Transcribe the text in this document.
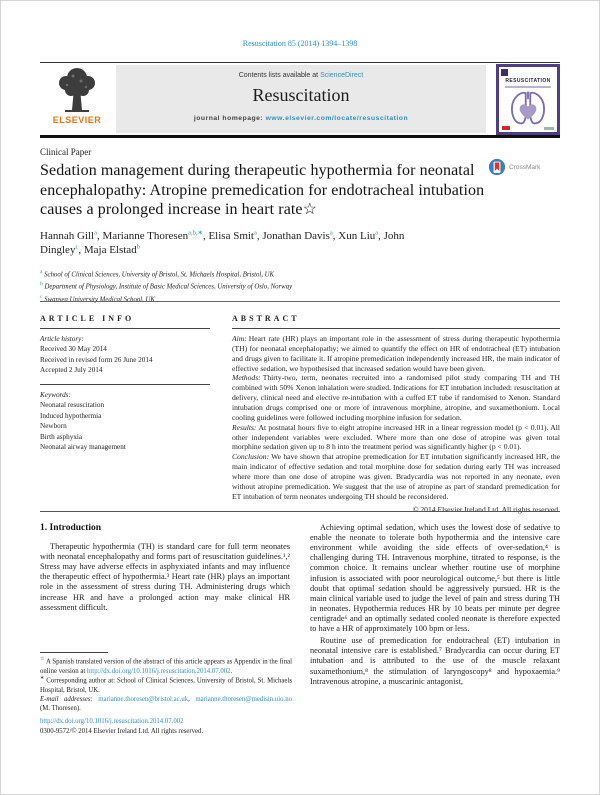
Resuscitation 85 (2014) 1394–1398
ELSEVIER
Contents lists available at ScienceDirect
Resuscitation
journal homepage: www.elsevier.com/locate/resuscitation
RESUSCITATION
Clinical Paper
Sedation management during therapeutic hypothermia for neonatal encephalopathy: Atropine premedication for endotracheal intubation causes a prolonged increase in heart rate☆
CrossMark
Hannah Gill$^a$, Marianne Thoresen$^{a,b,∗}$, Elisa Smit$^a$, Jonathan Davis$^a$, Xun Liu$^a$, John Dingley$^c$, Maja Elstad$^b$
$^a$ School of Clinical Sciences, University of Bristol, St. Michaels Hospital, Bristol, UK
$^b$ Department of Physiology, Institute of Basic Medical Sciences, University of Oslo, Norway
$^c$ Swansea University Medical School, UK
ARTICLE INFO
Article history:
Received 30 May 2014
Received in revised form 26 June 2014
Accepted 2 July 2014
Keywords:
Neonatal resuscitation
Induced hypothermia
Newborn
Birth asphyxia
Neonatal airway management
ABSTRACT

Aim: Heart rate (HR) plays an important role in the assessment of stress during therapeutic hypothermia (TH) for neonatal encephalopathy; we aimed to quantify the effect on HR of endotracheal (ET) intubation and drugs given to facilitate it. If atropine premedication independently increased HR, the main indicator of effective sedation, we hypothesised that increased sedation would have been given.

Methods: Thirty-two, term, neonates recruited into a randomised pilot study comparing TH and TH combined with 50% Xenon inhalation were studied. Indications for ET intubation included: resuscitation at delivery, clinical need and elective re-intubation with a cuffed ET tube if randomised to Xenon. Standard intubation drugs comprised one or more of intravenous morphine, atropine, and suxamethonium. Local cooling guidelines were followed including morphine infusion for sedation.

Results: At postnatal hours five to eight atropine increased HR in a linear regression model (p < 0.01). All other independent variables were excluded. Where more than one dose of atropine was given total morphine sedation given up to 8 h into the treatment period was significantly higher (p < 0.01).

Conclusion: We have shown that atropine premedication for ET intubation significantly increased HR, the main indicator of effective sedation and total morphine dose for sedation during early TH was increased where more than one dose of atropine was given. Bradycardia was not reported in any neonate, even without atropine premedication. We suggest that the use of atropine as part of standard premedication for ET intubation of term neonates undergoing TH should be reconsidered.

© 2014 Elsevier Ireland Ltd. All rights reserved.
1. Introduction

Therapeutic hypothermia (TH) is standard care for full term neonates with neonatal encephalopathy and forms part of resuscitation guidelines.¹,² Stress may have adverse effects in asphyxiated infants and may influence the therapeutic effect of hypothermia.³ Heart rate (HR) plays an important role in the assessment of stress during TH. Administering drugs which increase HR and have a prolonged action may make clinical HR assessment difficult.

Achieving optimal sedation, which uses the lowest dose of sedative to enable the neonate to tolerate both hypothermia and the intensive care environment while avoiding the side effects of over-sedation,⁴ is challenging during TH. Intravenous morphine, titrated to response, is the common choice. It remains unclear whether routine use of morphine infusion is associated with poor neurological outcome,⁵ but there is little doubt that optimal sedation should be aggressively pursued. HR is the main clinical variable used to judge the level of pain and stress during TH in neonates. Hypothermia reduces HR by 10 beats per minute per degree centigrade⁶ and an optimally sedated cooled neonate is therefore expected to have a HR of approximately 100 bpm or less.

Routine use of premedication for endotracheal (ET) intubation in neonatal intensive care is established.⁷ Bradycardia can occur during ET intubation and is attributed to the use of the muscle relaxant suxamethonium,⁸ the stimulation of laryngoscopy⁸ and hypoxaemia.⁹ Intravenous atropine, a muscarinic antagonist,

☆ A Spanish translated version of the abstract of this article appears as Appendix in the final online version at http://dx.doi.org/10.1016/j.resuscitation.2014.07.002.
∗ Corresponding author at: School of Clinical Sciences, University of Bristol, St. Michaels Hospital, Bristol, UK.
E-mail addresses: marianne.thoresen@bristol.ac.uk, marianne.thoresen@medisin.uio.no (M. Thoresen).
http://dx.doi.org/10.1016/j.resuscitation.2014.07.002
0300-9572/© 2014 Elsevier Ireland Ltd. All rights reserved.
